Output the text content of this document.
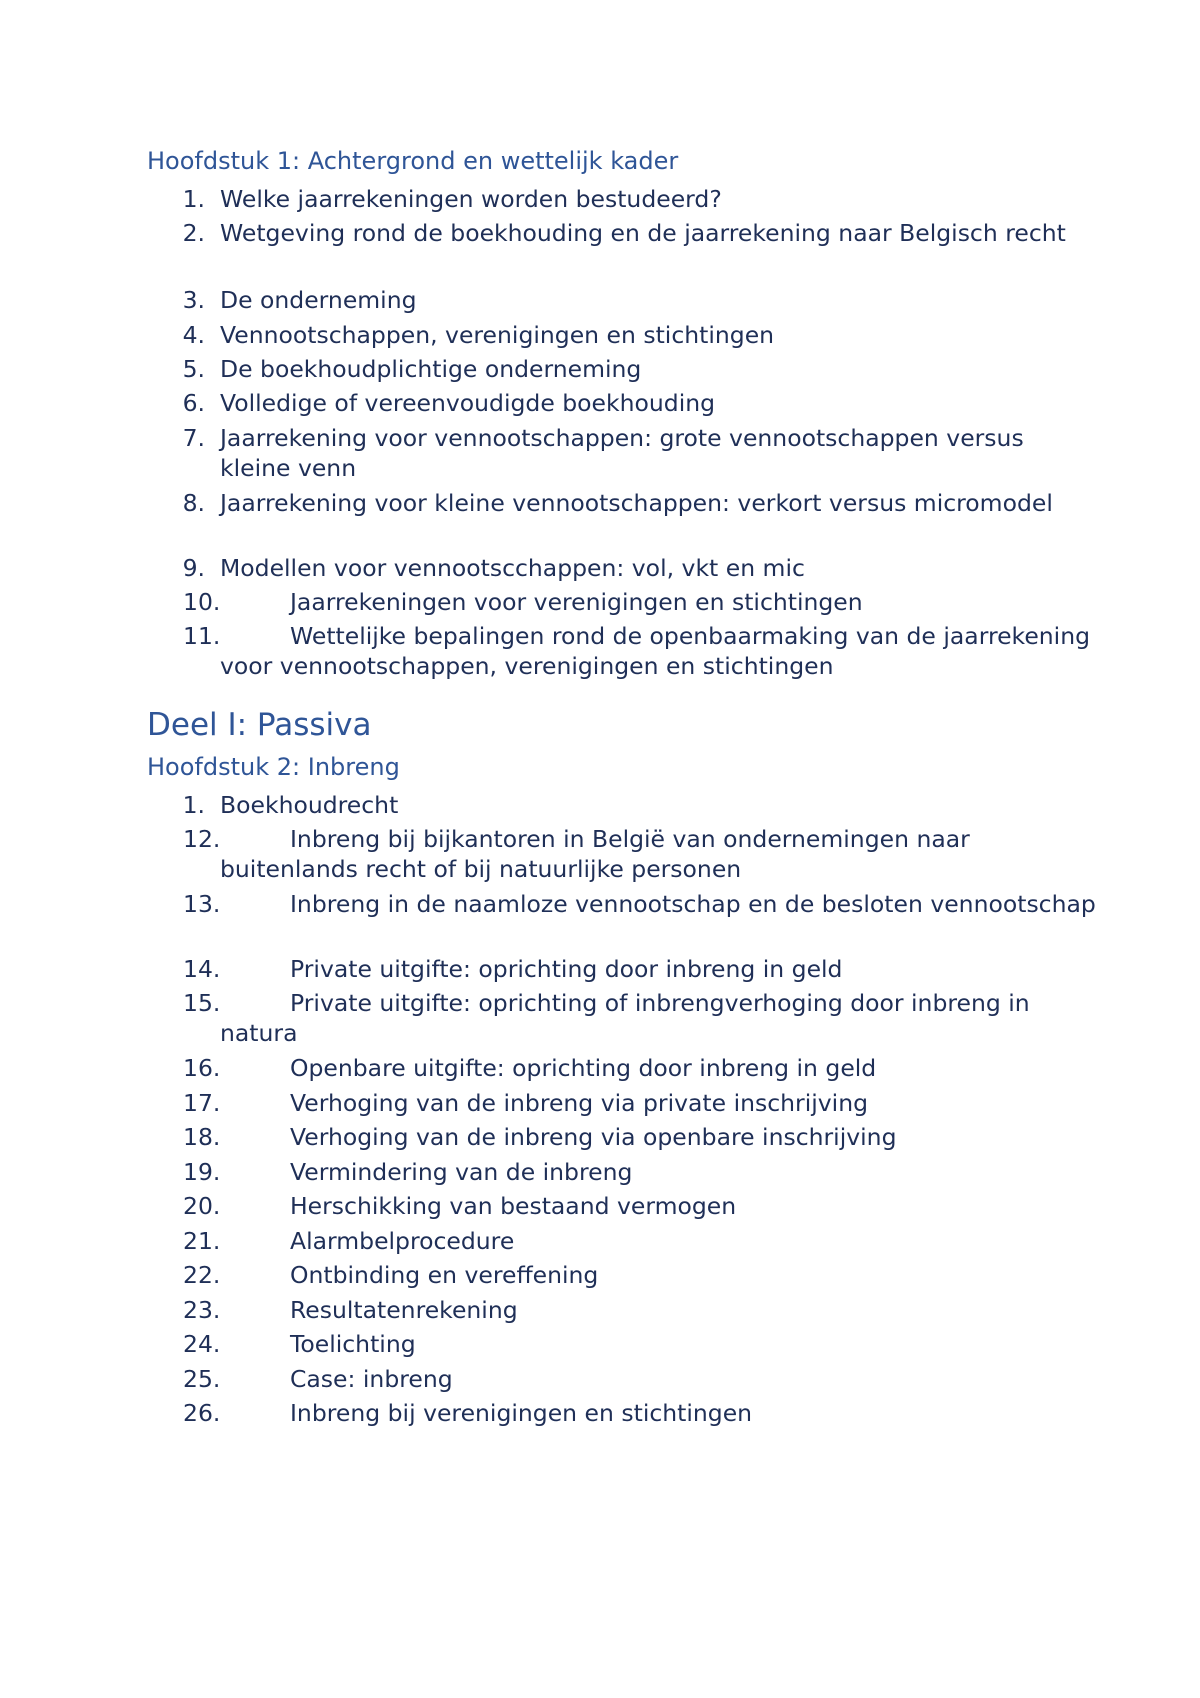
Hoofdstuk 1: Achtergrond en wettelijk kader
1. Welke jaarrekeningen worden bestudeerd?
2. Wetgeving rond de boekhouding en de jaarrekening naar Belgisch recht
3. De onderneming
4. Vennootschappen, verenigingen en stichtingen
5. De boekhoudplichtige onderneming
6. Volledige of vereenvoudigde boekhouding
7. Jaarrekening voor vennootschappen: grote vennootschappen versus kleine venn
8. Jaarrekening voor kleine vennootschappen: verkort versus micromodel
9. Modellen voor vennootscchappen: vol, vkt en mic
10.	Jaarrekeningen voor verenigingen en stichtingen
11.	Wettelijke bepalingen rond de openbaarmaking van de jaarrekening voor vennootschappen, verenigingen en stichtingen
Deel I: Passiva
Hoofdstuk 2: Inbreng
1. Boekhoudrecht
12.	Inbreng bij bijkantoren in België van ondernemingen naar buitenlands recht of bij natuurlijke personen
13.	Inbreng in de naamloze vennootschap en de besloten vennootschap
14.	Private uitgifte: oprichting door inbreng in geld
15.	Private uitgifte: oprichting of inbrengverhoging door inbreng in natura
16.	Openbare uitgifte: oprichting door inbreng in geld
17.	Verhoging van de inbreng via private inschrijving
18.	Verhoging van de inbreng via openbare inschrijving
19.	Vermindering van de inbreng
20.	Herschikking van bestaand vermogen
21.	Alarmbelprocedure
22.	Ontbinding en vereffening
23.	Resultatenrekening
24.	Toelichting
25.	Case: inbreng
26.	Inbreng bij verenigingen en stichtingen
